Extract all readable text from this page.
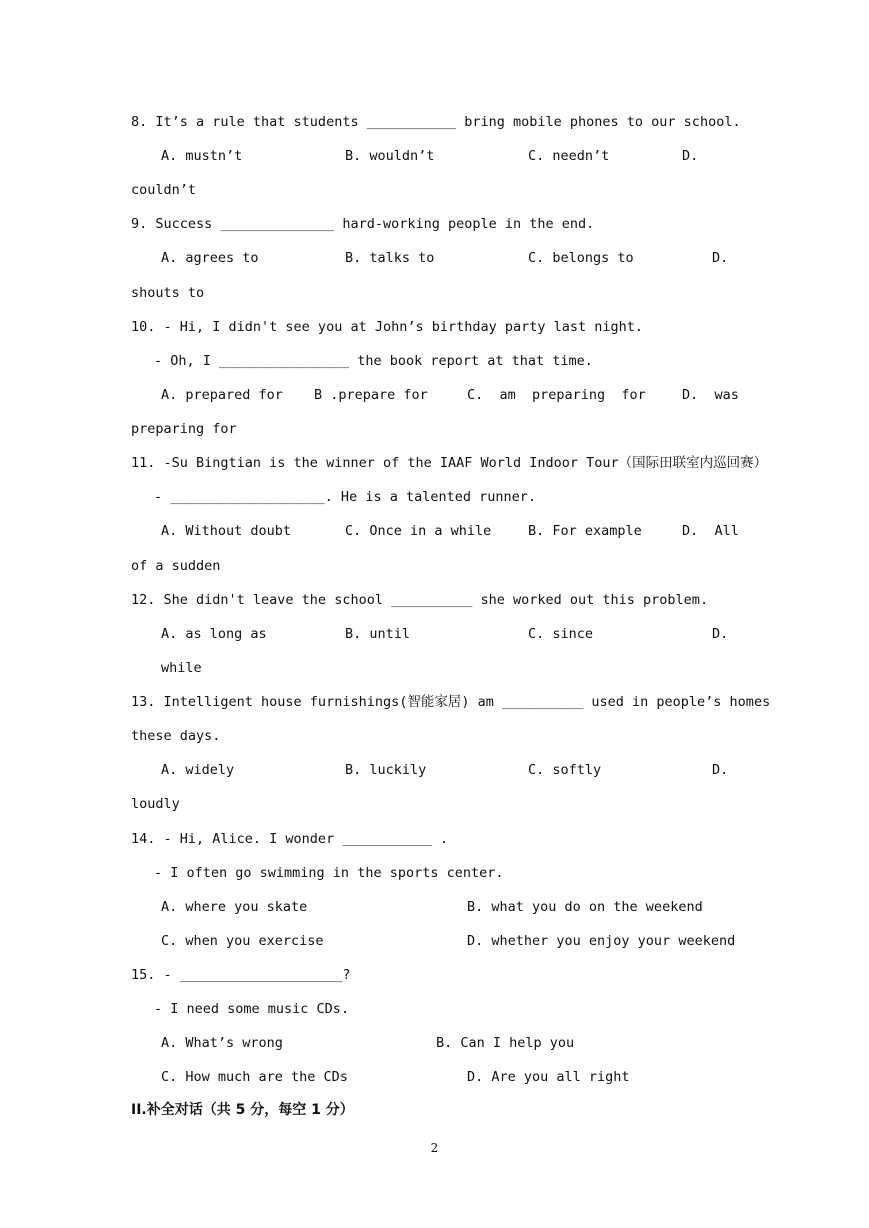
8. It’s a rule that students ___________ bring mobile phones to our school.
A. mustn’t	B. wouldn’t	C. needn’t	D.
couldn’t
9. Success ______________ hard-working people in the end.
A. agrees to	B. talks to	C. belongs to	D.
shouts to
10. - Hi, I didn't see you at John’s birthday party last night.
- Oh, I ________________ the book report at that time.
A. prepared for B .prepare for	C.  am  preparing  for	D.  was
preparing for
11. -Su Bingtian is the winner of the IAAF World Indoor Tour（国际田联室内巡回赛）
- ___________________. He is a talented runner.
A. Without doubt	C. Once in a while	B. For example	D.  All
of a sudden
12. She didn't leave the school __________ she worked out this problem.
A. as long as	B. until	C. since	D.
while
13. Intelligent house furnishings(智能家居) am __________ used in people’s homes
these days.
A. widely	B. luckily	C. softly	D.
loudly
14. - Hi, Alice. I wonder ___________ .
- I often go swimming in the sports center.
A. where you skate	B. what you do on the weekend
C. when you exercise	D. whether you enjoy your weekend
15. - ____________________?
- I need some music CDs.
A. What’s wrong	B. Can I help you
C. How much are the CDs	D. Are you all right
II.补全对话（共 5 分，每空 1 分）
2
